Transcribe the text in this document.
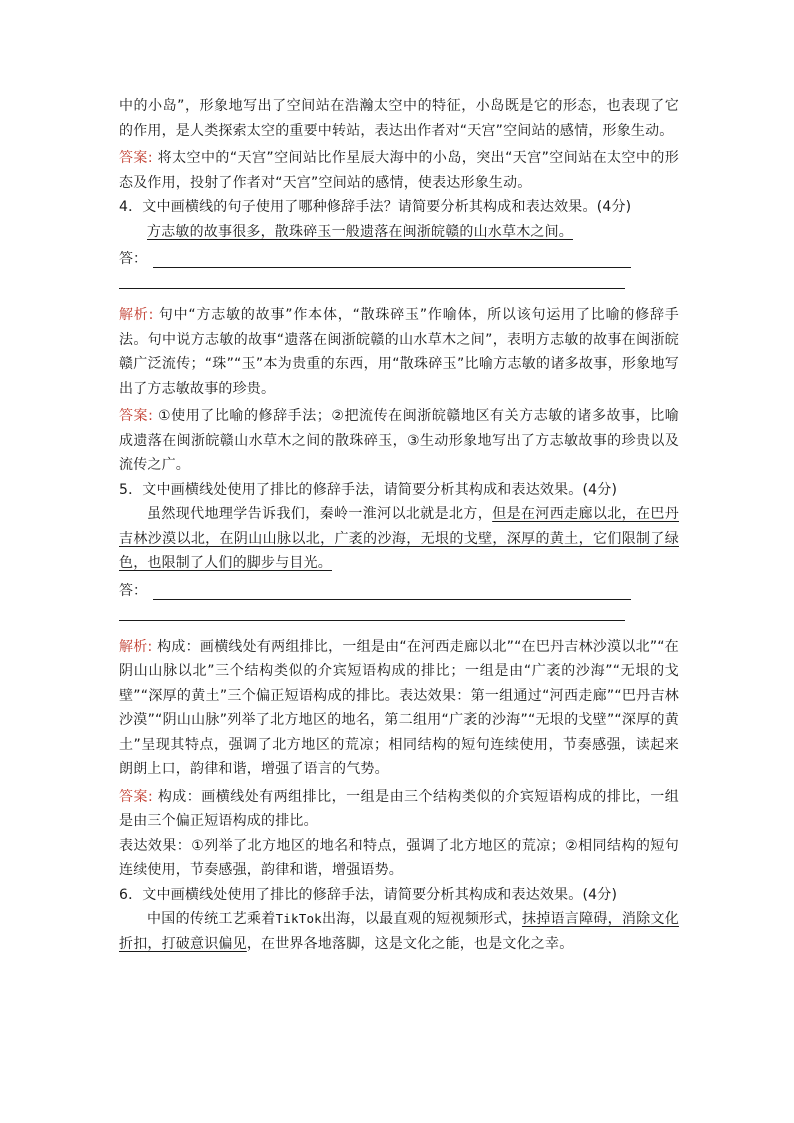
中的小岛”，形象地写出了空间站在浩瀚太空中的特征，小岛既是它的形态，也表现了它的作用，是人类探索太空的重要中转站，表达出作者对“天宫”空间站的感情，形象生动。

答案: 将太空中的“天宫”空间站比作星辰大海中的小岛，突出“天宫”空间站在太空中的形态及作用，投射了作者对“天宫”空间站的感情，使表达形象生动。

4．文中画横线的句子使用了哪种修辞手法？请简要分析其构成和表达效果。(4分)

方志敏的故事很多，散珠碎玉一般遗落在闽浙皖赣的山水草木之间。

答：

解析: 句中“方志敏的故事”作本体，“散珠碎玉”作喻体，所以该句运用了比喻的修辞手法。句中说方志敏的故事“遗落在闽浙皖赣的山水草木之间”，表明方志敏的故事在闽浙皖赣广泛流传；“珠”“玉”本为贵重的东西，用“散珠碎玉”比喻方志敏的诸多故事，形象地写出了方志敏故事的珍贵。

答案: ①使用了比喻的修辞手法；②把流传在闽浙皖赣地区有关方志敏的诸多故事，比喻成遗落在闽浙皖赣山水草木之间的散珠碎玉，③生动形象地写出了方志敏故事的珍贵以及流传之广。

5．文中画横线处使用了排比的修辞手法，请简要分析其构成和表达效果。(4分)

虽然现代地理学告诉我们，秦岭一淮河以北就是北方，但是在河西走廊以北，在巴丹吉林沙漠以北，在阴山山脉以北，广袤的沙海，无垠的戈壁，深厚的黄土，它们限制了绿色，也限制了人们的脚步与目光。

答：

解析: 构成：画横线处有两组排比，一组是由“在河西走廊以北”“在巴丹吉林沙漠以北”“在阴山山脉以北”三个结构类似的介宾短语构成的排比；一组是由“广袤的沙海”“无垠的戈壁”“深厚的黄土”三个偏正短语构成的排比。表达效果：第一组通过“河西走廊”“巴丹吉林沙漠”“阴山山脉”列举了北方地区的地名，第二组用“广袤的沙海”“无垠的戈壁”“深厚的黄土”呈现其特点，强调了北方地区的荒凉；相同结构的短句连续使用，节奏感强，读起来朗朗上口，韵律和谐，增强了语言的气势。

答案: 构成：画横线处有两组排比，一组是由三个结构类似的介宾短语构成的排比，一组是由三个偏正短语构成的排比。

表达效果：①列举了北方地区的地名和特点，强调了北方地区的荒凉；②相同结构的短句连续使用，节奏感强，韵律和谐，增强语势。

6．文中画横线处使用了排比的修辞手法，请简要分析其构成和表达效果。(4分)

中国的传统工艺乘着TikTok出海，以最直观的短视频形式，抹掉语言障碍，消除文化折扣，打破意识偏见，在世界各地落脚，这是文化之能，也是文化之幸。
